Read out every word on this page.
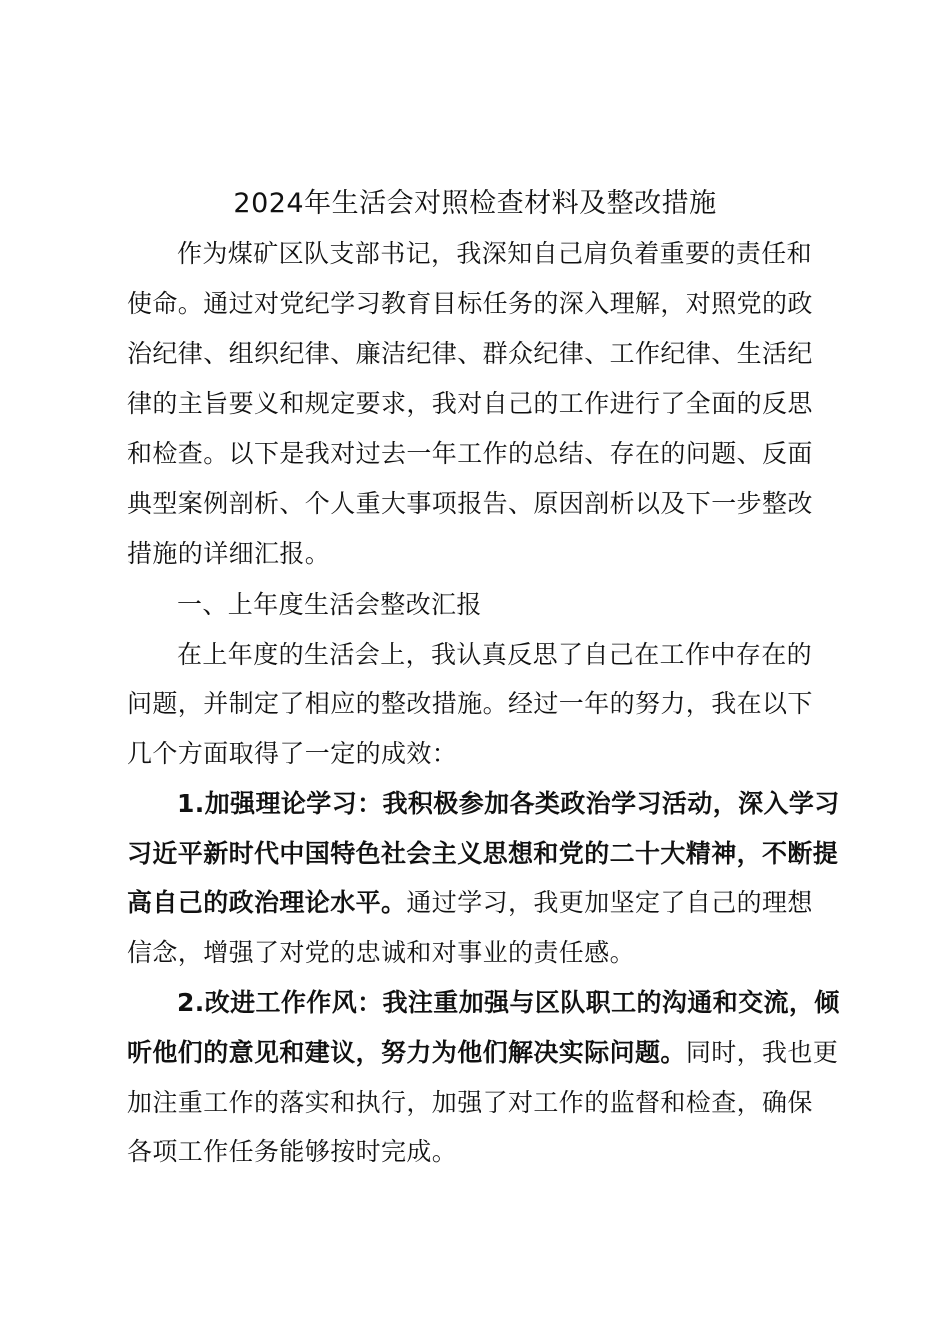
2024年生活会对照检查材料及整改措施
作为煤矿区队支部书记，我深知自己肩负着重要的责任和
使命。通过对党纪学习教育目标任务的深入理解，对照党的政
治纪律、组织纪律、廉洁纪律、群众纪律、工作纪律、生活纪
律的主旨要义和规定要求，我对自己的工作进行了全面的反思
和检查。以下是我对过去一年工作的总结、存在的问题、反面
典型案例剖析、个人重大事项报告、原因剖析以及下一步整改
措施的详细汇报。
一、上年度生活会整改汇报
在上年度的生活会上，我认真反思了自己在工作中存在的
问题，并制定了相应的整改措施。经过一年的努力，我在以下
几个方面取得了一定的成效：
1.加强理论学习：我积极参加各类政治学习活动，深入学习
习近平新时代中国特色社会主义思想和党的二十大精神，不断提
高自己的政治理论水平。通过学习，我更加坚定了自己的理想
信念，增强了对党的忠诚和对事业的责任感。
2.改进工作作风：我注重加强与区队职工的沟通和交流，倾
听他们的意见和建议，努力为他们解决实际问题。同时，我也更
加注重工作的落实和执行，加强了对工作的监督和检查，确保
各项工作任务能够按时完成。
